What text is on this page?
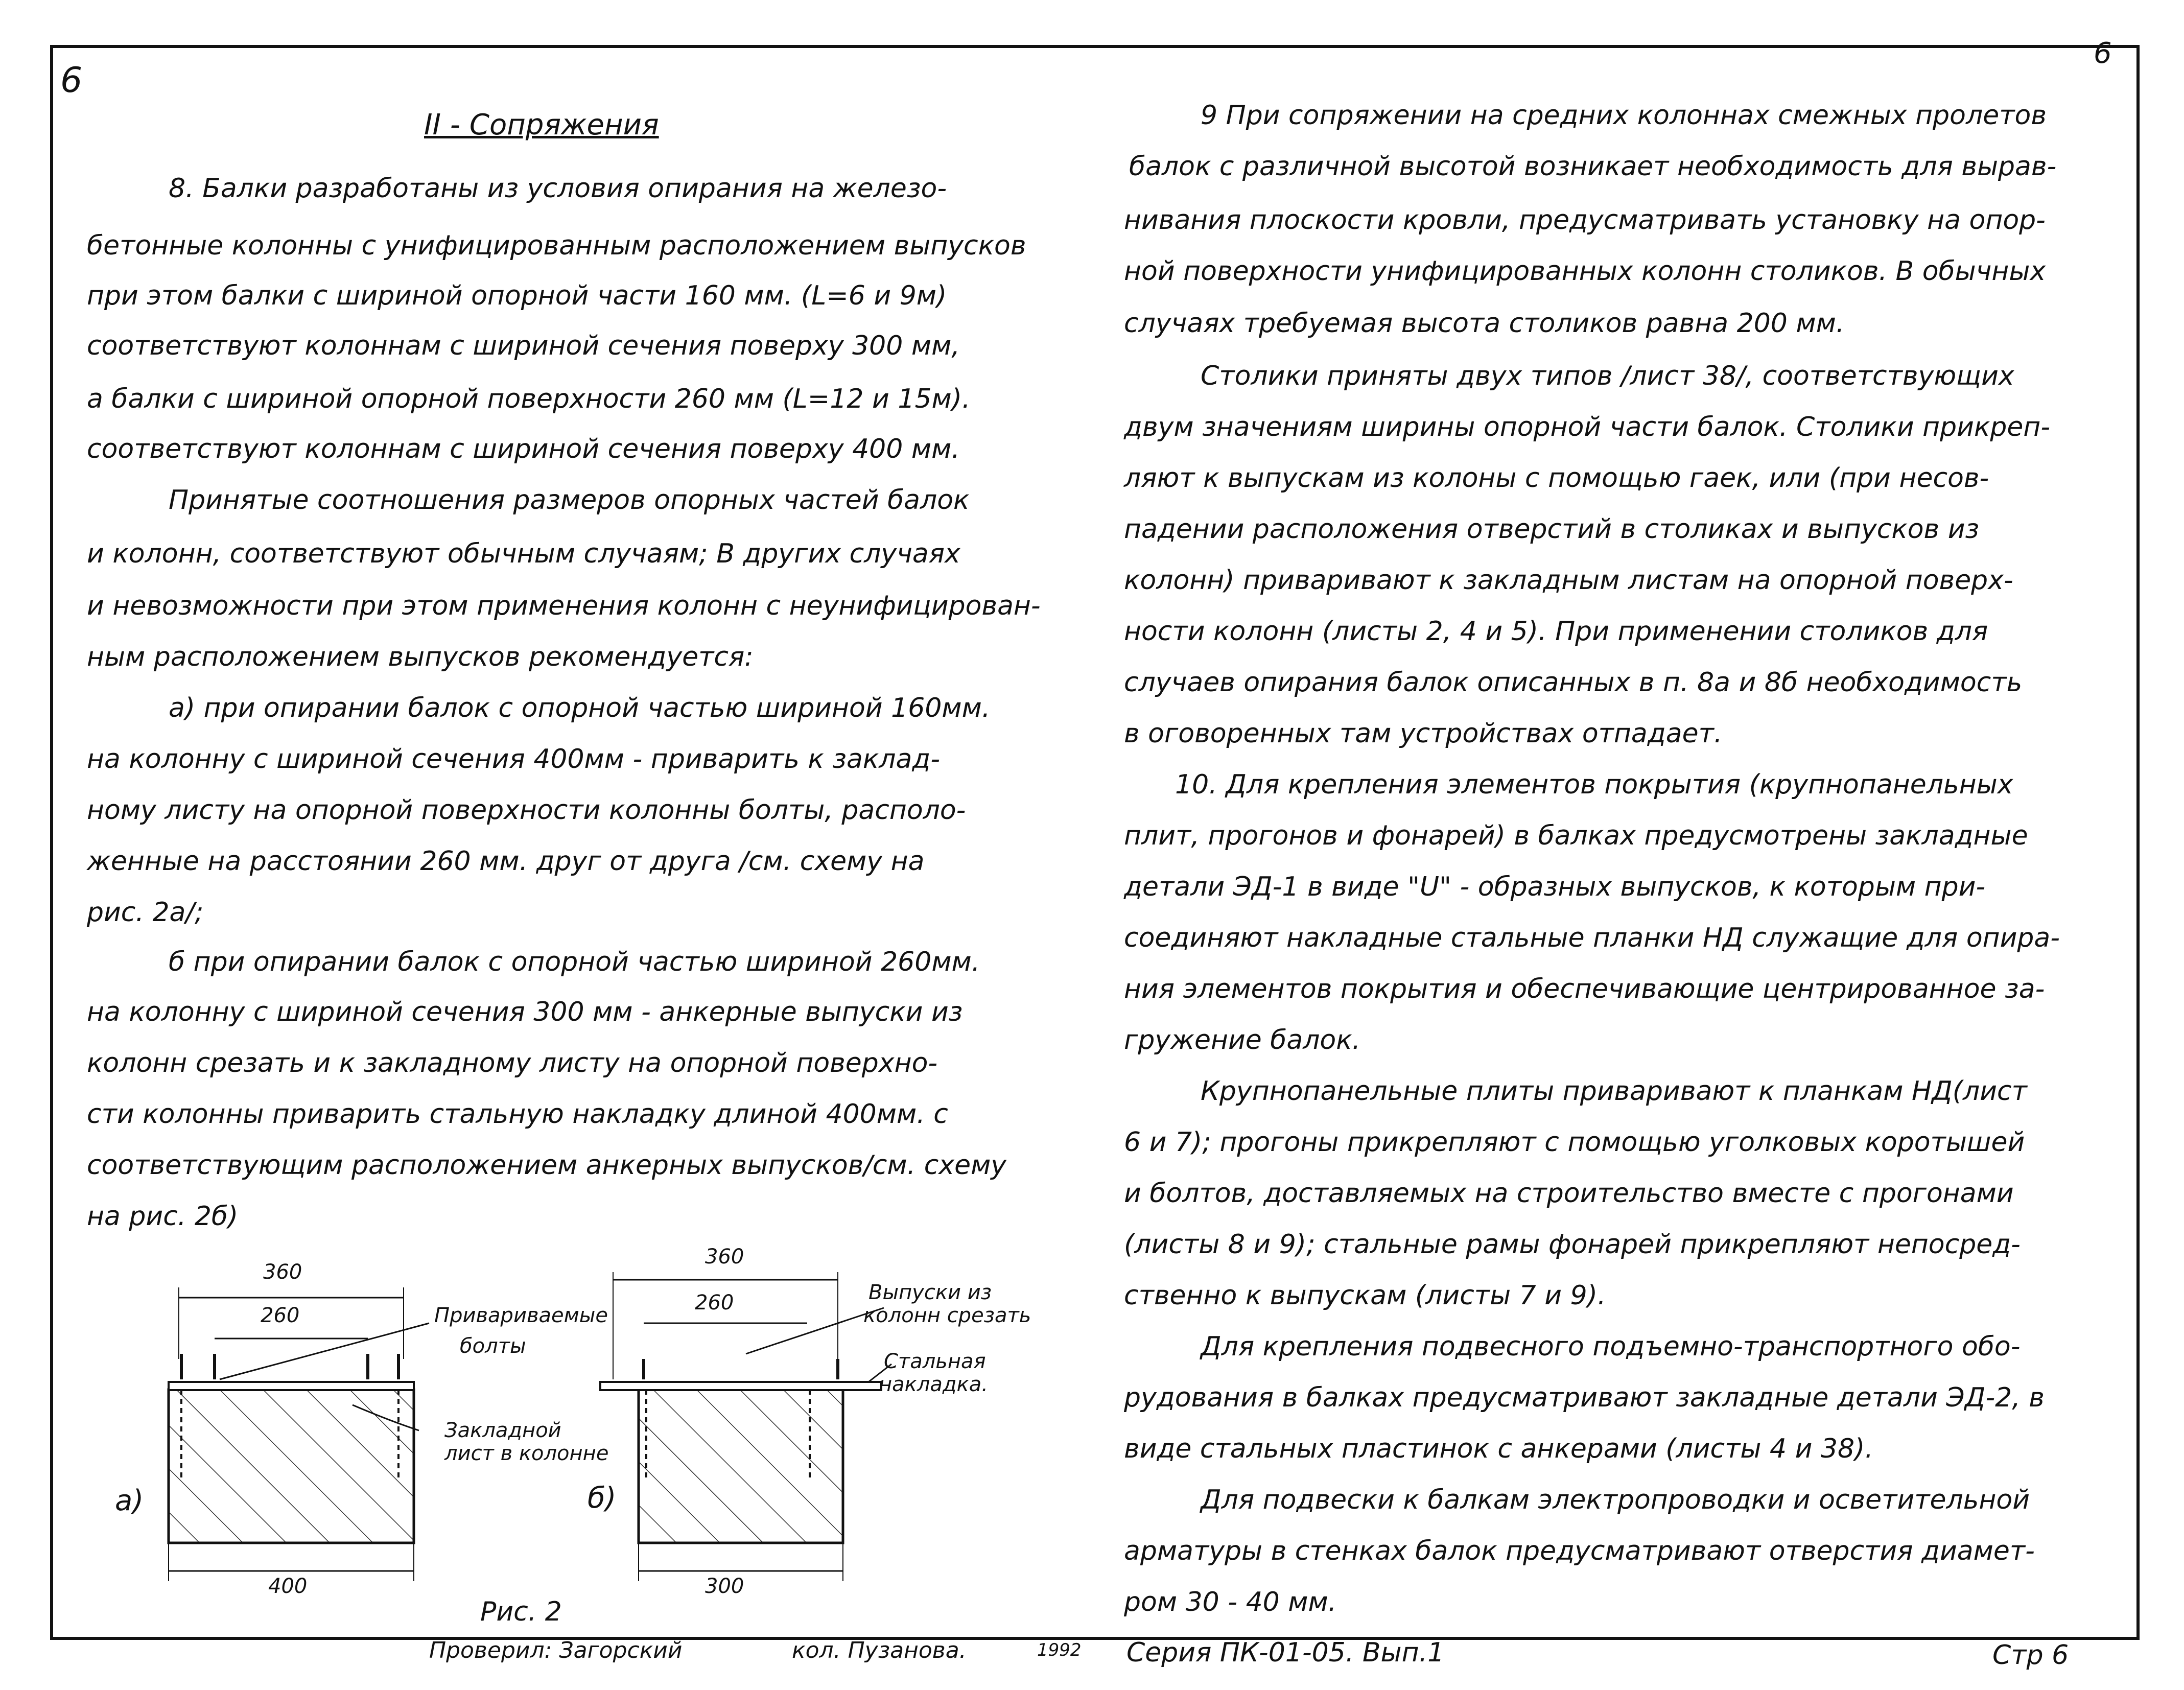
6
6
II - Сопряжения
8. Балки разработаны из условия опирания на железо-
бетонные колонны с унифицированным расположением выпусков
при этом балки с шириной опорной части 160 мм. (L=6 и 9м)
соответствуют колоннам с шириной сечения поверху 300 мм,
а балки с шириной опорной поверхности 260 мм (L=12 и 15м).
соответствуют колоннам с шириной сечения поверху 400 мм.
Принятые соотношения размеров опорных частей балок
и колонн, соответствуют обычным случаям; В других случаях
и невозможности при этом применения колонн с неунифицирован-
ным расположением выпусков рекомендуется:
а) при опирании балок с опорной частью шириной 160мм.
на колонну с шириной сечения 400мм - приварить к заклад-
ному листу на опорной поверхности колонны болты, располо-
женные на расстоянии 260 мм. друг от друга /см. схему на
рис. 2а/;
б при опирании балок с опорной частью шириной 260мм.
на колонну с шириной сечения 300 мм - анкерные выпуски из
колонн срезать и к закладному листу на опорной поверхно-
сти колонны приварить стальную накладку длиной 400мм. с
соответствующим расположением анкерных выпусков/см. схему
на рис. 2б)
9 При сопряжении на средних колоннах смежных пролетов
балок с различной высотой возникает необходимость для вырав-
нивания плоскости кровли, предусматривать установку на опор-
ной поверхности унифицированных колонн столиков. В обычных
случаях требуемая высота столиков равна 200 мм.
Столики приняты двух типов /лист 38/, соответствующих
двум значениям ширины опорной части балок. Столики прикреп-
ляют к выпускам из колоны с помощью гаек, или (при несов-
падении расположения отверстий в столиках и выпусков из
колонн) приваривают к закладным листам на опорной поверх-
ности колонн (листы 2, 4 и 5). При применении столиков для
случаев опирания балок описанных в п. 8а и 8б необходимость
в оговоренных там устройствах отпадает.
10. Для крепления элементов покрытия (крупнопанельных
плит, прогонов и фонарей) в балках предусмотрены закладные
детали ЭД-1 в виде "U" - образных выпусков, к которым при-
соединяют накладные стальные планки НД служащие для опира-
ния элементов покрытия и обеспечивающие центрированное за-
гружение балок.
Крупнопанельные плиты приваривают к планкам НД(лист
6 и 7); прогоны прикрепляют с помощью уголковых коротышей
и болтов, доставляемых на строительство вместе с прогонами
(листы 8 и 9); стальные рамы фонарей прикрепляют непосред-
ственно к выпускам (листы 7 и 9).
Для крепления подвесного подъемно-транспортного обо-
рудования в балках предусматривают закладные детали ЭД-2, в
виде стальных пластинок с анкерами (листы 4 и 38).
Для подвески к балкам электропроводки и осветительной
арматуры в стенках балок предусматривают отверстия диамет-
ром 30 - 40 мм.
360
260
400
Привариваемые
болты
Закладной
лист в колонне
а)
360
260
300
Выпуски из
колонн срезать
Стальная
накладка.
б)
Рис. 2
Проверил: Загорский	кол. Пузанова.	1992 Серия ПК-01-05. Вып.1	Стр 6
